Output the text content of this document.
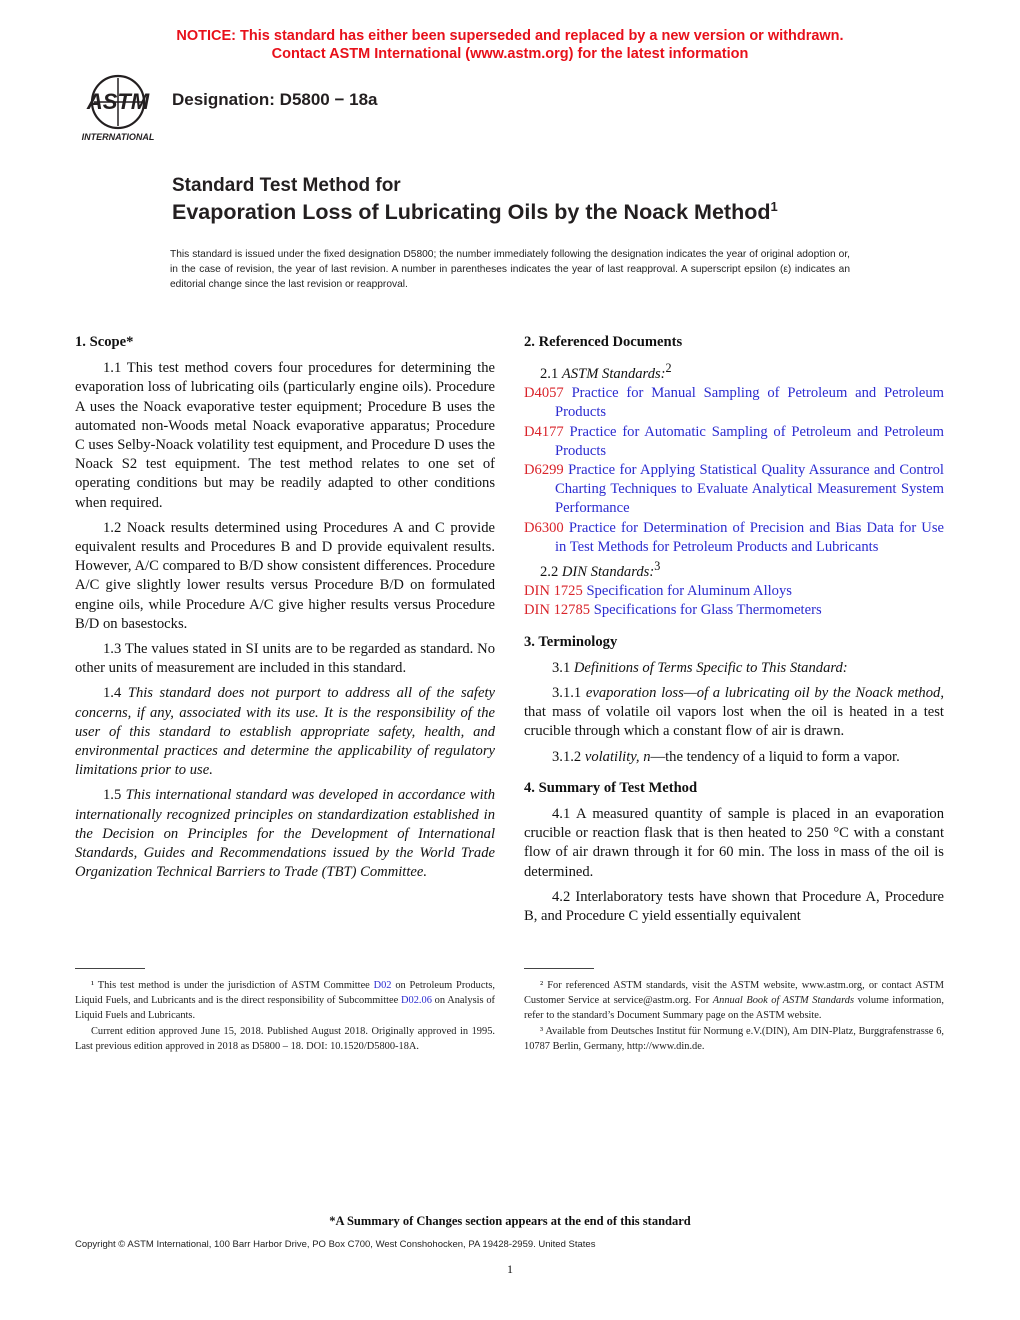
NOTICE: This standard has either been superseded and replaced by a new version or withdrawn.
Contact ASTM International (www.astm.org) for the latest information
ASTM
INTERNATIONAL
Designation: D5800 − 18a
Standard Test Method for
Evaporation Loss of Lubricating Oils by the Noack Method$^1$
This standard is issued under the fixed designation D5800; the number immediately following the designation indicates the year of original adoption or, in the case of revision, the year of last revision. A number in parentheses indicates the year of last reapproval. A superscript epsilon (ε) indicates an editorial change since the last revision or reapproval.
1. Scope*

1.1 This test method covers four procedures for determining the evaporation loss of lubricating oils (particularly engine oils). Procedure A uses the Noack evaporative tester equipment; Procedure B uses the automated non-Woods metal Noack evaporative apparatus; Procedure C uses Selby-Noack volatility test equipment, and Procedure D uses the Noack S2 test equipment. The test method relates to one set of operating conditions but may be readily adapted to other conditions when required.

1.2 Noack results determined using Procedures A and C provide equivalent results and Procedures B and D provide equivalent results. However, A/C compared to B/D show consistent differences. Procedure A/C give slightly lower results versus Procedure B/D on formulated engine oils, while Procedure A/C give higher results versus Procedure B/D on basestocks.

1.3 The values stated in SI units are to be regarded as standard. No other units of measurement are included in this standard.

1.4 This standard does not purport to address all of the safety concerns, if any, associated with its use. It is the responsibility of the user of this standard to establish appropriate safety, health, and environmental practices and determine the applicability of regulatory limitations prior to use.

1.5 This international standard was developed in accordance with internationally recognized principles on standardization established in the Decision on Principles for the Development of International Standards, Guides and Recommendations issued by the World Trade Organization Technical Barriers to Trade (TBT) Committee.

2. Referenced Documents
2.1 ASTM Standards:$^2$
D4057 Practice for Manual Sampling of Petroleum and Petroleum Products
D4177 Practice for Automatic Sampling of Petroleum and Petroleum Products
D6299 Practice for Applying Statistical Quality Assurance and Control Charting Techniques to Evaluate Analytical Measurement System Performance
D6300 Practice for Determination of Precision and Bias Data for Use in Test Methods for Petroleum Products and Lubricants
2.2 DIN Standards:$^3$
DIN 1725 Specification for Aluminum Alloys
DIN 12785 Specifications for Glass Thermometers
3. Terminology

3.1 Definitions of Terms Specific to This Standard:

3.1.1 evaporation loss—of a lubricating oil by the Noack method, that mass of volatile oil vapors lost when the oil is heated in a test crucible through which a constant flow of air is drawn.

3.1.2 volatility, n—the tendency of a liquid to form a vapor.

4. Summary of Test Method

4.1 A measured quantity of sample is placed in an evaporation crucible or reaction flask that is then heated to 250 °C with a constant flow of air drawn through it for 60 min. The loss in mass of the oil is determined.

4.2 Interlaboratory tests have shown that Procedure A, Procedure B, and Procedure C yield essentially equivalent

¹ This test method is under the jurisdiction of ASTM Committee D02 on Petroleum Products, Liquid Fuels, and Lubricants and is the direct responsibility of Subcommittee D02.06 on Analysis of Liquid Fuels and Lubricants.

Current edition approved June 15, 2018. Published August 2018. Originally approved in 1995. Last previous edition approved in 2018 as D5800 – 18. DOI: 10.1520/D5800-18A.

² For referenced ASTM standards, visit the ASTM website, www.astm.org, or contact ASTM Customer Service at service@astm.org. For Annual Book of ASTM Standards volume information, refer to the standard’s Document Summary page on the ASTM website.

³ Available from Deutsches Institut für Normung e.V.(DIN), Am DIN-Platz, Burggrafenstrasse 6, 10787 Berlin, Germany, http://www.din.de.

*A Summary of Changes section appears at the end of this standard
Copyright © ASTM International, 100 Barr Harbor Drive, PO Box C700, West Conshohocken, PA 19428-2959. United States
1
